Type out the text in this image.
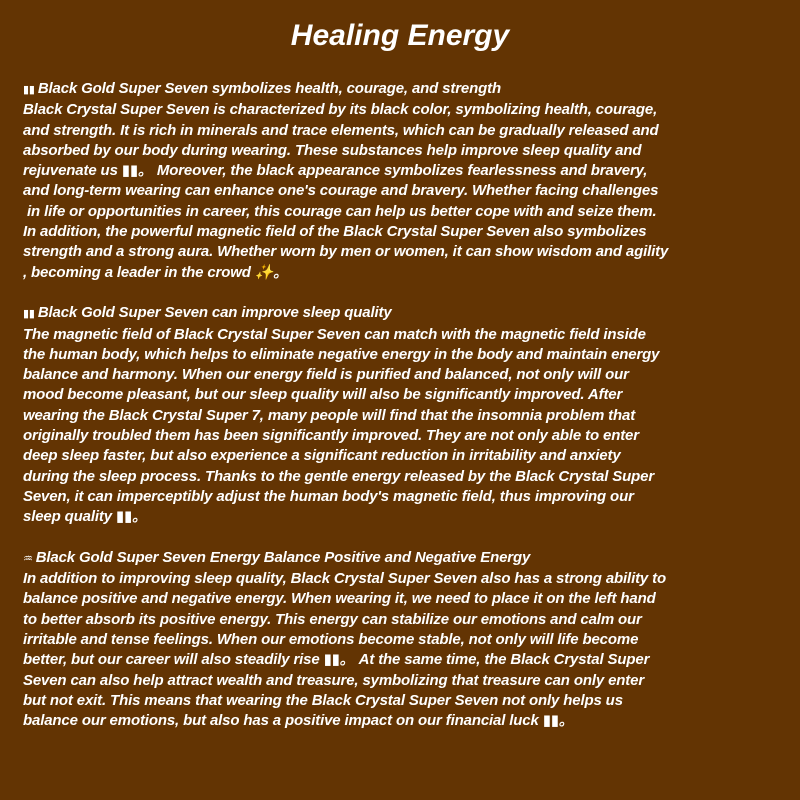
Healing Energy
▮▮ Black Gold Super Seven symbolizes health, courage, and strength
Black Crystal Super Seven is characterized by its black color, symbolizing health, courage,
and strength. It is rich in minerals and trace elements, which can be gradually released and
absorbed by our body during wearing. These substances help improve sleep quality and
rejuvenate us ▮▮。 Moreover, the black appearance symbolizes fearlessness and bravery,
and long-term wearing can enhance one's courage and bravery. Whether facing challenges
in life or opportunities in career, this courage can help us better cope with and seize them.
In addition, the powerful magnetic field of the Black Crystal Super Seven also symbolizes
strength and a strong aura. Whether worn by men or women, it can show wisdom and agility
, becoming a leader in the crowd ✨。
▮▮ Black Gold Super Seven can improve sleep quality
The magnetic field of Black Crystal Super Seven can match with the magnetic field inside
the human body, which helps to eliminate negative energy in the body and maintain energy
balance and harmony. When our energy field is purified and balanced, not only will our
mood become pleasant, but our sleep quality will also be significantly improved. After
wearing the Black Crystal Super 7, many people will find that the insomnia problem that
originally troubled them has been significantly improved. They are not only able to enter
deep sleep faster, but also experience a significant reduction in irritability and anxiety
during the sleep process. Thanks to the gentle energy released by the Black Crystal Super
Seven, it can imperceptibly adjust the human body's magnetic field, thus improving our
sleep quality ▮▮。
♒ Black Gold Super Seven Energy Balance Positive and Negative Energy
In addition to improving sleep quality, Black Crystal Super Seven also has a strong ability to
balance positive and negative energy. When wearing it, we need to place it on the left hand
to better absorb its positive energy. This energy can stabilize our emotions and calm our
irritable and tense feelings. When our emotions become stable, not only will life become
better, but our career will also steadily rise ▮▮。 At the same time, the Black Crystal Super
Seven can also help attract wealth and treasure, symbolizing that treasure can only enter
but not exit. This means that wearing the Black Crystal Super Seven not only helps us
balance our emotions, but also has a positive impact on our financial luck ▮▮。
